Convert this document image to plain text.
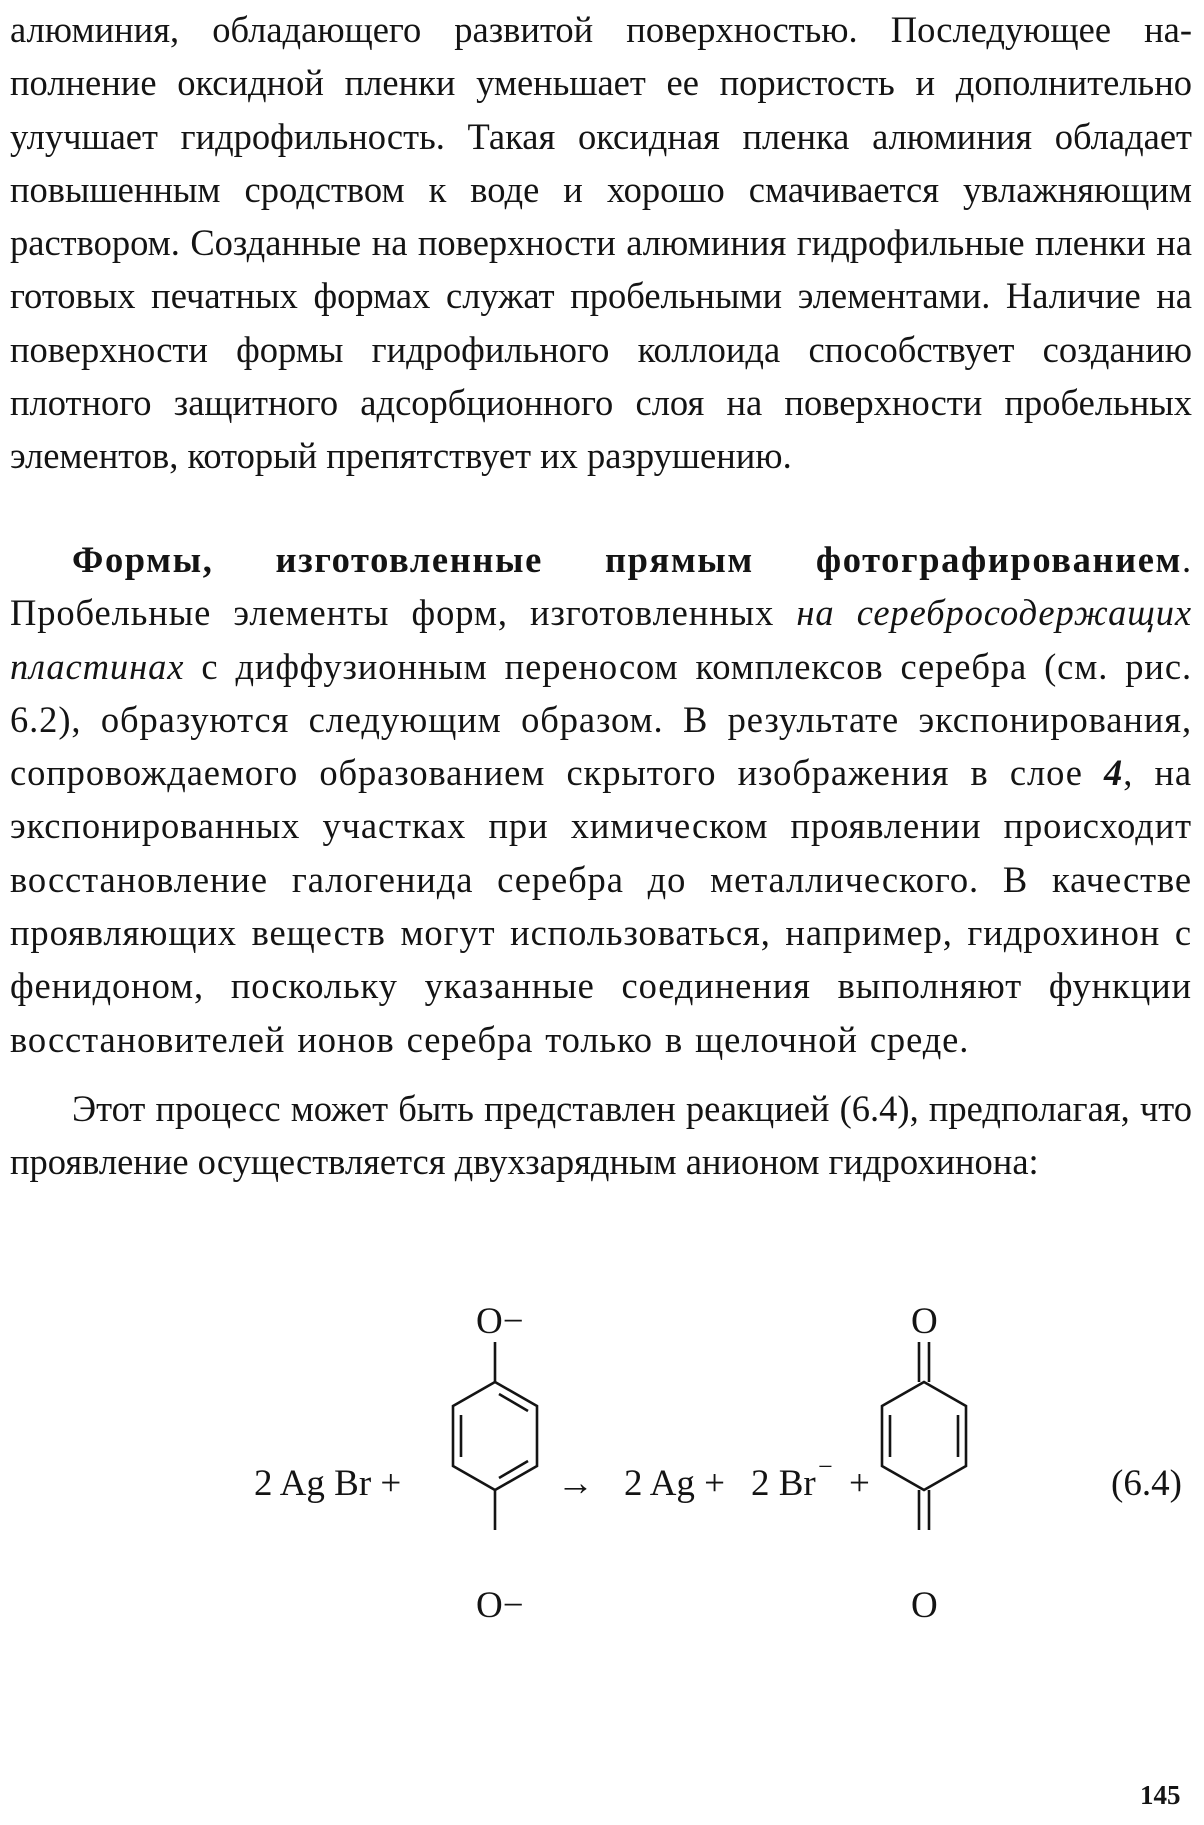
алюминия, обладающего развитой поверхностью. Последующее наполнение оксидной пленки уменьшает ее пористость и дополнительно улучшает гидрофильность. Такая оксидная пленка алюминия обладает повышенным сродством к воде и хорошо смачивается увлажняющим раствором. Созданные на поверхности алюминия гидрофильные пленки на готовых печатных формах служат пробельными элементами. Наличие на поверхности формы гидрофильного коллоида способствует созданию плотного защитного адсорбционного слоя на поверхности пробельных элементов, который препятствует их разрушению.

Формы, изготовленные прямым фотографированием. Пробельные элементы форм, изготовленных на серебросодержащих пластинах с диффузионным переносом комплексов серебра (см. рис. 6.2), образуются следующим образом. В результате экспонирования, сопровождаемого образованием скрытого изображения в слое 4, на экспонированных участках при химическом проявлении происходит восстановление галогенида серебра до металлического. В качестве проявляющих веществ могут использоваться, например, гидрохинон с фенидоном, поскольку указанные соединения выполняют функции восстановителей ионов серебра только в щелочной среде.

Этот процесс может быть представлен реакцией (6.4), предполагая, что проявление осуществляется двухзарядным анионом гидрохинона:

2 Ag Br +
O−
O−
→ 2 Ag + 2 Br − +
O
O
(6.4)
145
